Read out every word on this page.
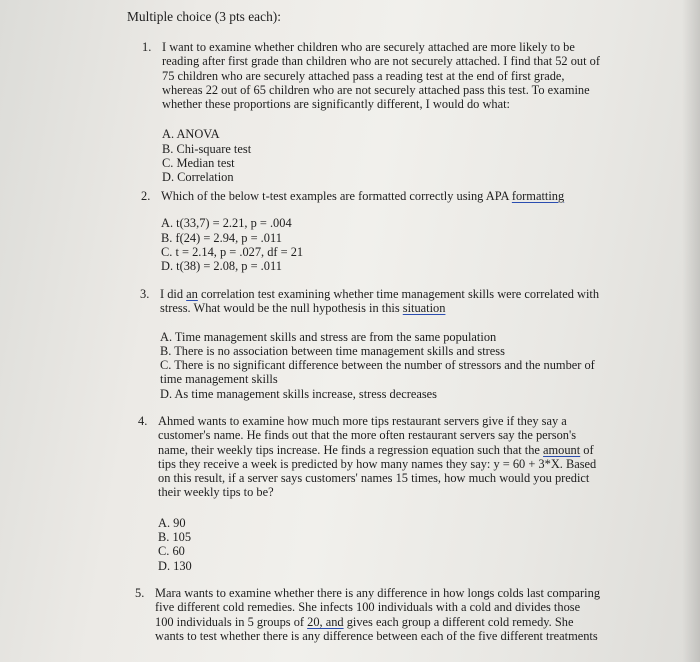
Multiple choice (3 pts each):
1. I want to examine whether children who are securely attached are more likely to be

reading after first grade than children who are not securely attached. I find that 52 out of

75 children who are securely attached pass a reading test at the end of first grade,

whereas 22 out of 65 children who are not securely attached pass this test. To examine

whether these proportions are significantly different, I would do what:

A. ANOVA
B. Chi-square test
C. Median test
D. Correlation
2. Which of the below t-test examples are formatted correctly using APA formatting

A. t(33,7) = 2.21, p = .004
B. f(24) = 2.94, p = .011
C. t = 2.14, p = .027, df = 21
D. t(38) = 2.08, p = .011
3. I did an correlation test examining whether time management skills were correlated with

stress. What would be the null hypothesis in this situation

A. Time management skills and stress are from the same population
B. There is no association between time management skills and stress
C. There is no significant difference between the number of stressors and the number of
time management skills
D. As time management skills increase, stress decreases
4. Ahmed wants to examine how much more tips restaurant servers give if they say a

customer's name. He finds out that the more often restaurant servers say the person's

name, their weekly tips increase. He finds a regression equation such that the amount of

tips they receive a week is predicted by how many names they say: y = 60 + 3*X. Based

on this result, if a server says customers' names 15 times, how much would you predict

their weekly tips to be?

A. 90
B. 105
C. 60
D. 130
5. Mara wants to examine whether there is any difference in how longs colds last comparing

five different cold remedies. She infects 100 individuals with a cold and divides those

100 individuals in 5 groups of 20, and gives each group a different cold remedy. She

wants to test whether there is any difference between each of the five different treatments
